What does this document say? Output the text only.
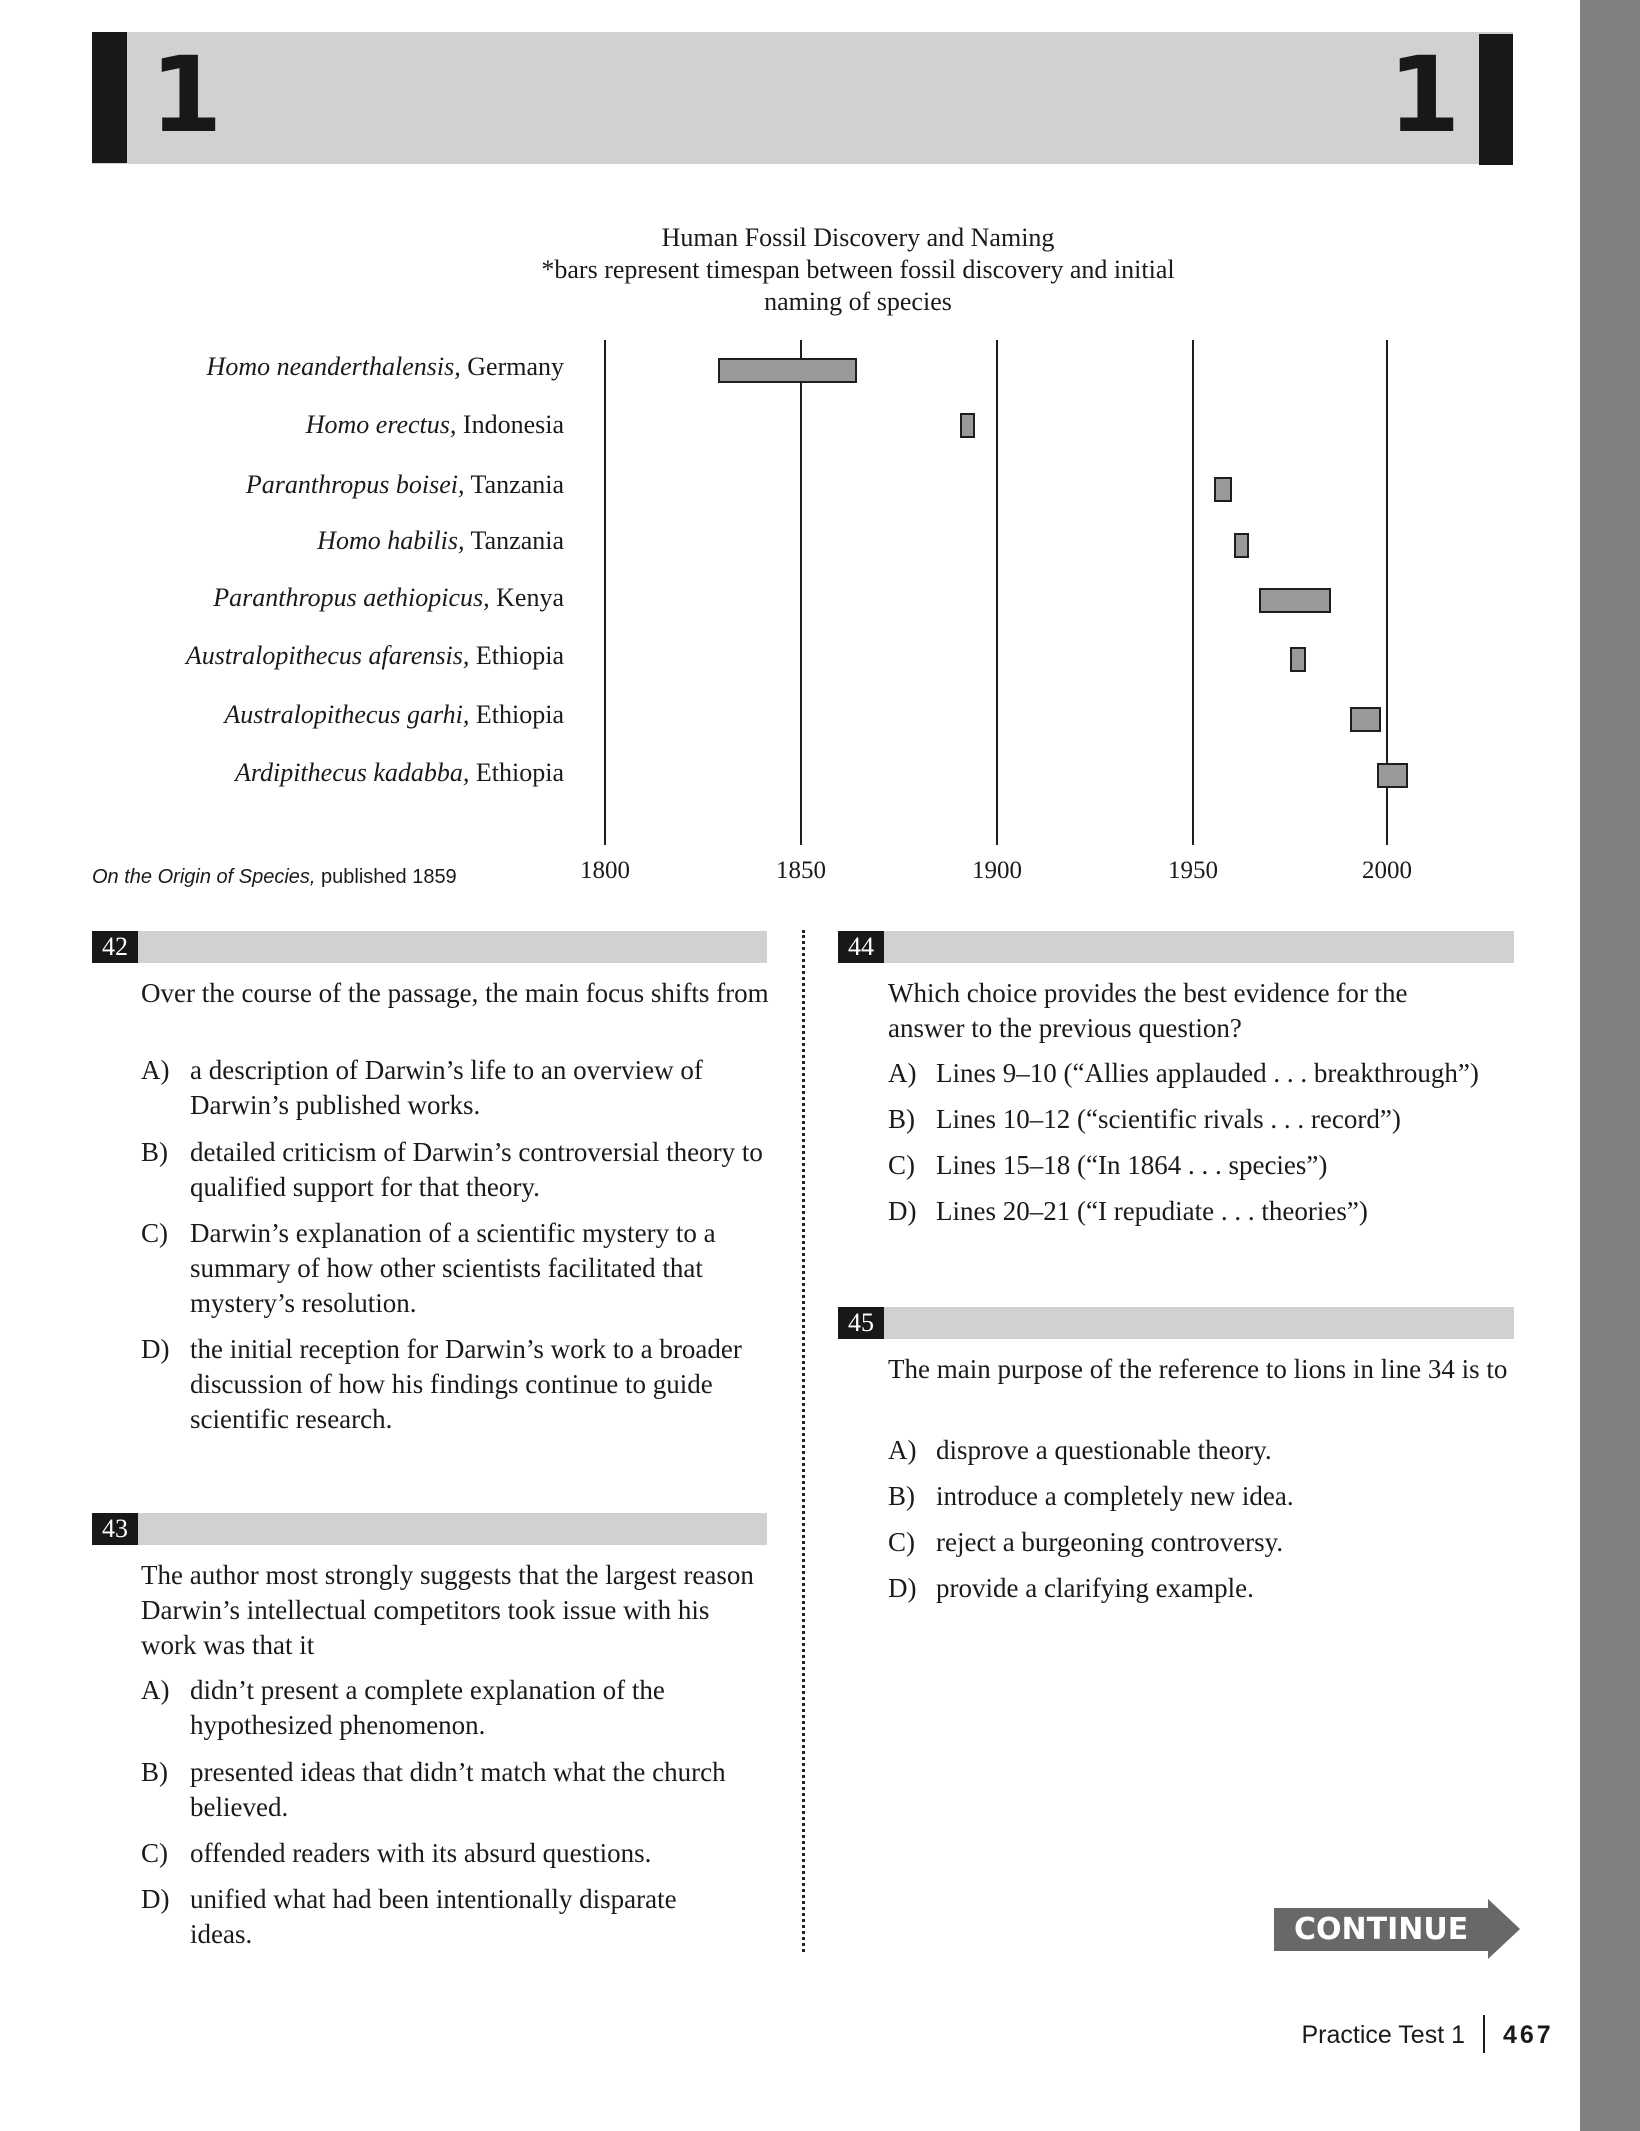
1	1
Human Fossil Discovery and Naming
*bars represent timespan between fossil discovery and initial
naming of species
Homo neanderthalensis, Germany
Homo erectus, Indonesia
Paranthropus boisei, Tanzania
Homo habilis, Tanzania
Paranthropus aethiopicus, Kenya
Australopithecus afarensis, Ethiopia
Australopithecus garhi, Ethiopia
Ardipithecus kadabba, Ethiopia
1800	1850	1900	1950	2000
On the Origin of Species, published 1859
42
Over the course of the passage, the main focus shifts from
A) a description of Darwin’s life to an overview of Darwin’s published works.
B) detailed criticism of Darwin’s controversial theory to qualified support for that theory.
C) Darwin’s explanation of a scientific mystery to a summary of how other scientists facilitated that mystery’s resolution.
D) the initial reception for Darwin’s work to a broader discussion of how his findings continue to guide scientific research.
43
The author most strongly suggests that the largest reason Darwin’s intellectual competitors took issue with his work was that it
A) didn’t present a complete explanation of the hypothesized phenomenon.
B) presented ideas that didn’t match what the church believed.
C) offended readers with its absurd questions.
D) unified what had been intentionally disparate ideas.
44
Which choice provides the best evidence for the answer to the previous question?
A) Lines 9–10 (“Allies applauded . . . breakthrough”)
B) Lines 10–12 (“scientific rivals . . . record”)
C) Lines 15–18 (“In 1864 . . . species”)
D) Lines 20–21 (“I repudiate . . . theories”)
45
The main purpose of the reference to lions in line 34 is to
A) disprove a questionable theory.
B) introduce a completely new idea.
C) reject a burgeoning controversy.
D) provide a clarifying example.
CONTINUE
Practice Test 1 467
